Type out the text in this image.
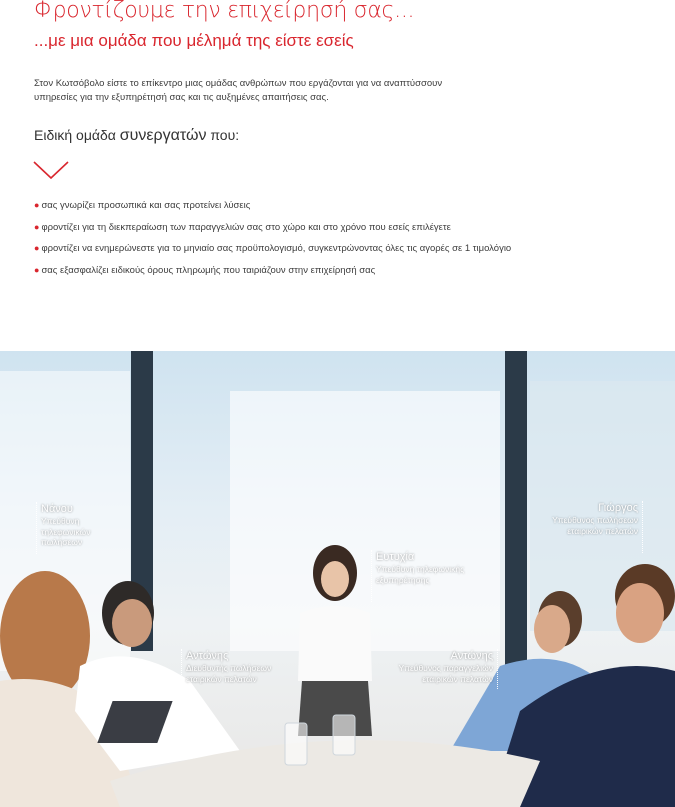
Φροντίζουμε την επιχείρησή σας...
...με μια ομάδα που μέλημά της είστε εσείς

Στον Κωτσόβολο είστε το επίκεντρο μιας ομάδας ανθρώπων που εργάζονται για να αναπτύσσουν
υπηρεσίες για την εξυπηρέτησή σας και τις αυξημένες απαιτήσεις σας.

Ειδική ομάδα συνεργατών που:
● σας γνωρίζει προσωπικά και σας προτείνει λύσεις
● φροντίζει για τη διεκπεραίωση των παραγγελιών σας στο χώρο και στο χρόνο που εσείς επιλέγετε
● φροντίζει να ενημερώνεστε για το μηνιαίο σας προϋπολογισμό, συγκεντρώνοντας όλες τις αγορές σε 1 τιμολόγιο
● σας εξασφαλίζει ειδικούς όρους πληρωμής που ταιριάζουν στην επιχείρησή σας
Νάνου
Υπεύθυνη
τηλεφωνικών
πωλήσεων
Ευτυχία
Υπεύθυνη τηλεφωνικής
εξυπηρέτησης
Αντώνης
Διευθυντής πωλήσεων
εταιρικών πελατών
Αντώνης
Υπεύθυνος παραγγελιών
εταιρικών πελατών
Γιώργος
Υπεύθυνος πωλήσεων
εταιρικών πελατών
